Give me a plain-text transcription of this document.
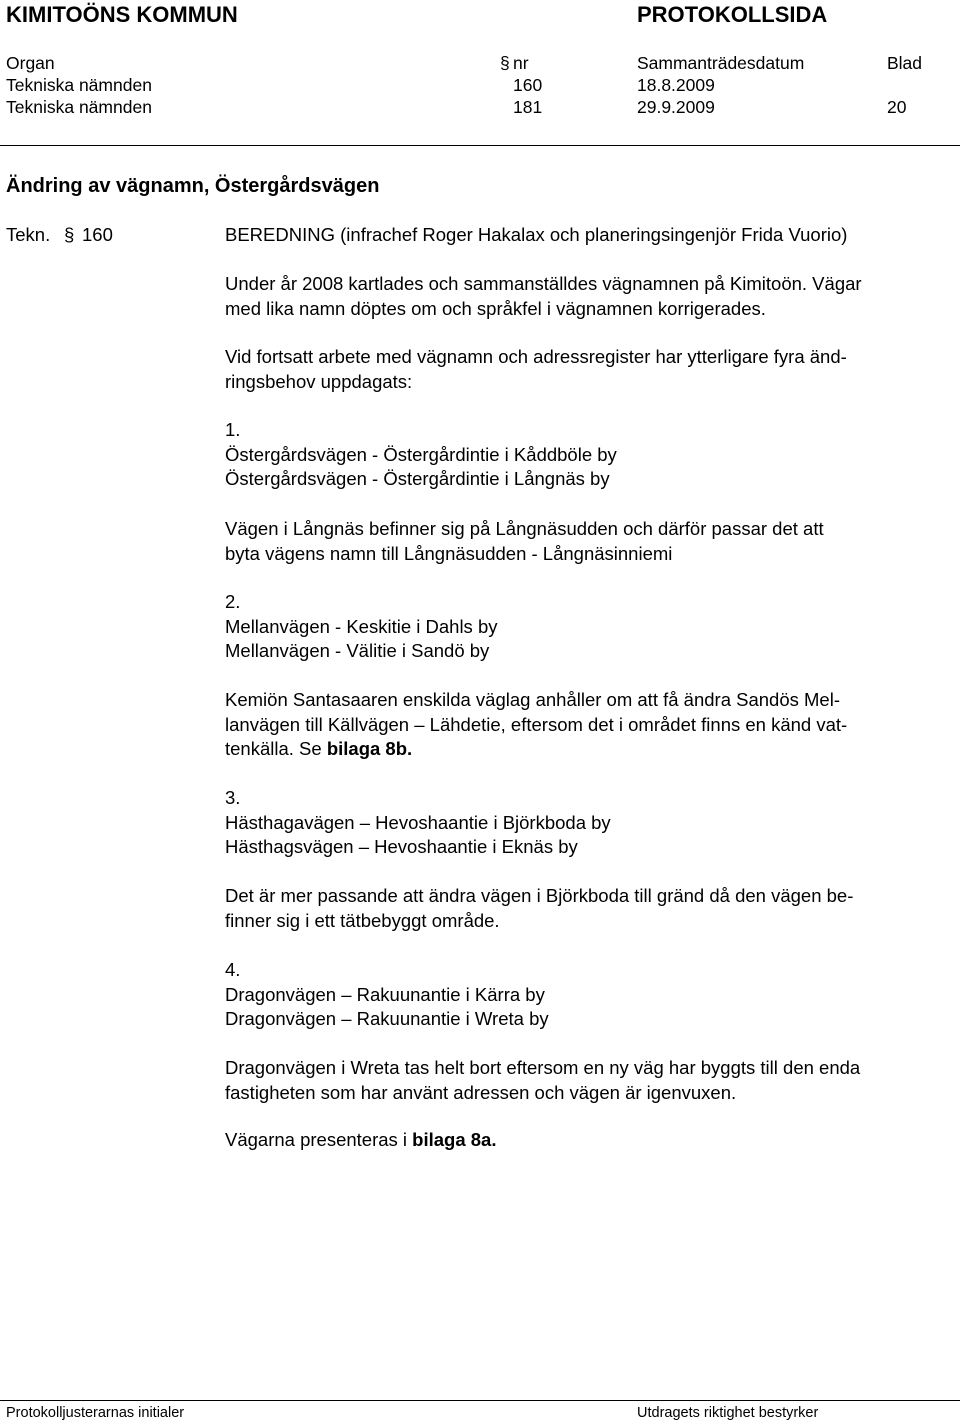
KIMITOÖNS KOMMUN	PROTOKOLLSIDA
Organ	§ nr	Sammanträdesdatum	Blad
Tekniska nämnden	160	18.8.2009
Tekniska nämnden	181	29.9.2009	20
Ändring av vägnamn, Östergårdsvägen
Tekn. § 160	BEREDNING (infrachef Roger Hakalax och planeringsingenjör Frida Vuorio)

Under år 2008 kartlades och sammanställdes vägnamnen på Kimitoön. Vägar

med lika namn döptes om och språkfel i vägnamnen korrigerades.

Vid fortsatt arbete med vägnamn och adressregister har ytterligare fyra änd-

ringsbehov uppdagats:

1.

Östergårdsvägen - Östergårdintie i Kåddböle by

Östergårdsvägen - Östergårdintie i Långnäs by

Vägen i Långnäs befinner sig på Långnäsudden och därför passar det att

byta vägens namn till Långnäsudden - Långnäsinniemi

2.

Mellanvägen - Keskitie i Dahls by

Mellanvägen - Välitie i Sandö by

Kemiön Santasaaren enskilda väglag anhåller om att få ändra Sandös Mel-

lanvägen till Källvägen – Lähdetie, eftersom det i området finns en känd vat-

tenkälla. Se bilaga 8b.

3.

Hästhagavägen – Hevoshaantie i Björkboda by

Hästhagsvägen – Hevoshaantie i Eknäs by

Det är mer passande att ändra vägen i Björkboda till gränd då den vägen be-

finner sig i ett tätbebyggt område.

4.

Dragonvägen – Rakuunantie i Kärra by

Dragonvägen – Rakuunantie i Wreta by

Dragonvägen i Wreta tas helt bort eftersom en ny väg har byggts till den enda

fastigheten som har använt adressen och vägen är igenvuxen.

Vägarna presenteras i bilaga 8a.

Protokolljusterarnas initialer	Utdragets riktighet bestyrker
